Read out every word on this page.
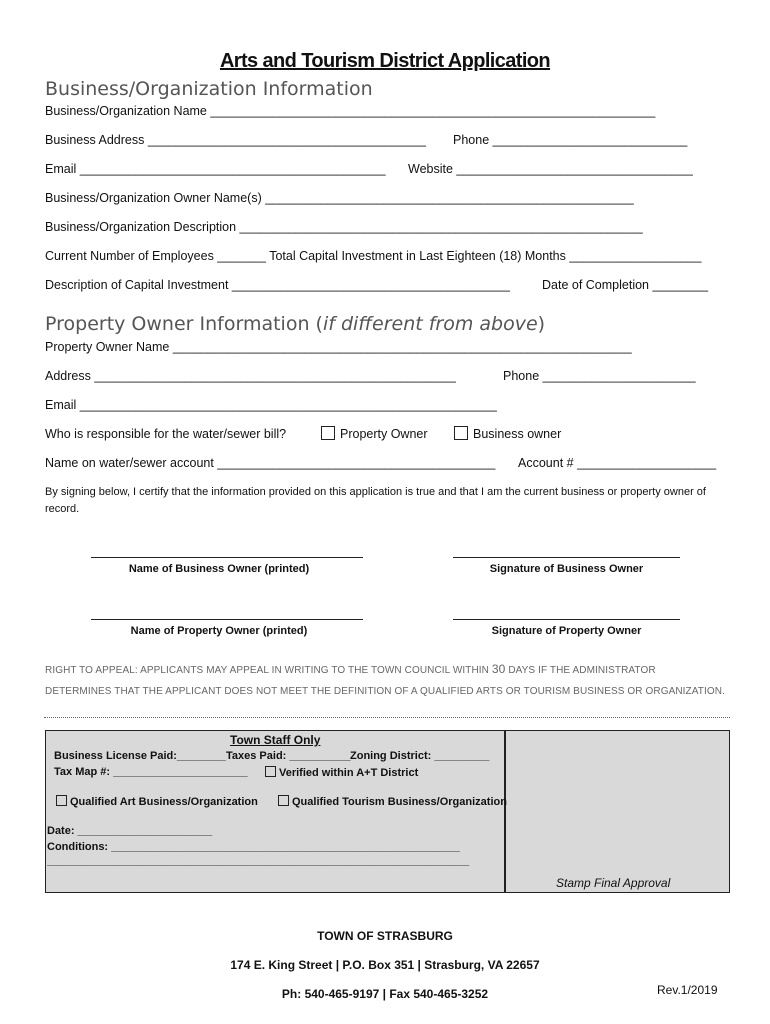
Arts and Tourism District Application
Business/Organization Information
Business/Organization Name ________________________________________________________________
Business Address ________________________________________ Phone ____________________________
Email ____________________________________________ Website __________________________________
Business/Organization Owner Name(s) _____________________________________________________
Business/Organization Description __________________________________________________________
Current Number of Employees _______ Total Capital Investment in Last Eighteen (18) Months ___________________
Description of Capital Investment ________________________________________	Date of Completion ________
Property Owner Information (if different from above)
Property Owner Name __________________________________________________________________
Address ____________________________________________________	Phone ______________________
Email ____________________________________________________________
Who is responsible for the water/sewer bill?	Property Owner	Business owner
Name on water/sewer account ________________________________________ Account # ____________________
By signing below, I certify that the information provided on this application is true and that I am the current business or property owner of record.
Name of Business Owner (printed)	Signature of Business Owner
Name of Property Owner (printed)	Signature of Property Owner
RIGHT TO APPEAL: APPLICANTS MAY APPEAL IN WRITING TO THE TOWN COUNCIL WITHIN 30 DAYS IF THE ADMINISTRATOR DETERMINES THAT THE APPLICANT DOES NOT MEET THE DEFINITION OF A QUALIFIED ARTS OR TOURISM BUSINESS OR ORGANIZATION.
Town Staff Only
Business License Paid:________ Taxes Paid: __________ Zoning District: _________
Tax Map #: ______________________	Verified within A+T District
Qualified Art Business/Organization	Qualified Tourism Business/Organization
Date: ______________________
Conditions: _________________________________________________________
_____________________________________________________________________
Stamp Final Approval
TOWN OF STRASBURG
174 E. King Street | P.O. Box 351 | Strasburg, VA 22657
Ph: 540-465-9197 | Fax 540-465-3252	Rev.1/2019
